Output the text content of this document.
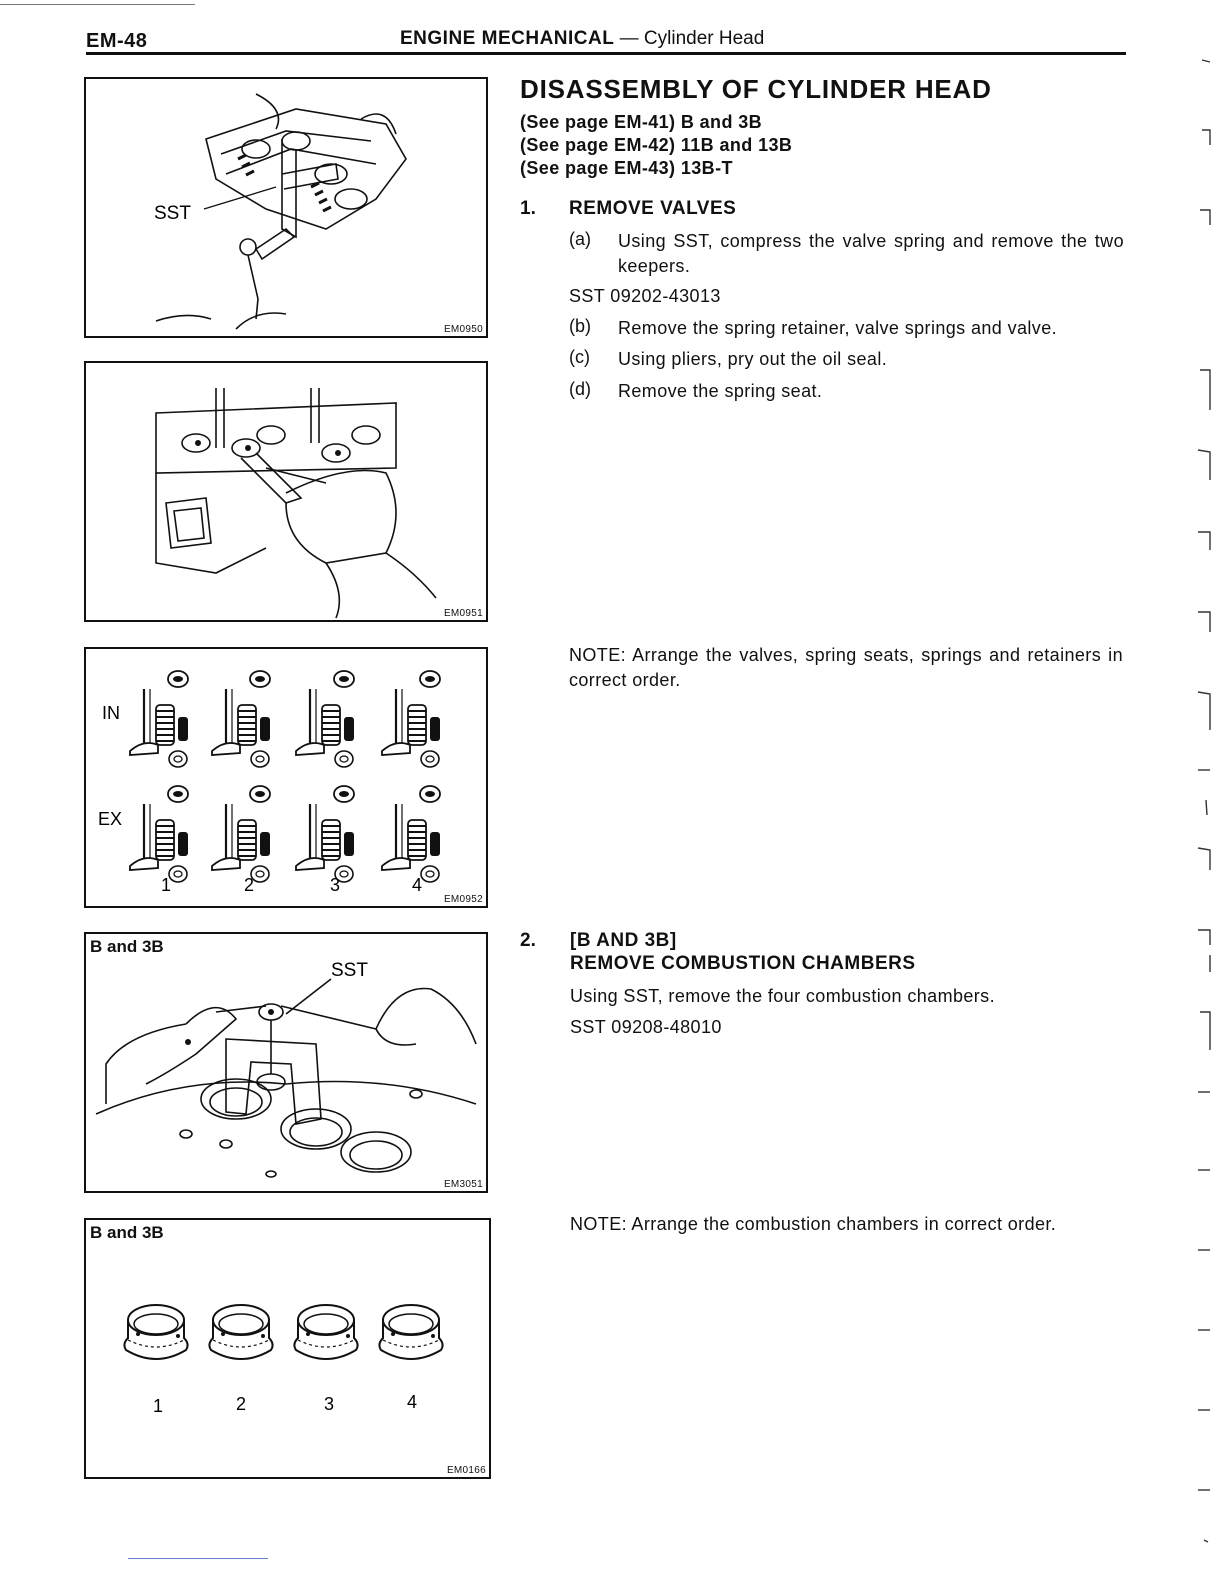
EM-48	ENGINE MECHANICAL — Cylinder Head
SST
EM0950
EM0951
IN
EX
1	2	3	4
EM0952
B and 3B
SST
EM3051
B and 3B
1	2	3	4
EM0166
DISASSEMBLY OF CYLINDER HEAD
(See page EM-41) B and 3B
(See page EM-42) 11B and 13B
(See page EM-43) 13B-T
1. REMOVE VALVES
(a) Using SST, compress the valve spring and remove the two keepers.
SST 09202-43013
(b) Remove the spring retainer, valve springs and valve.
(c) Using pliers, pry out the oil seal.
(d) Remove the spring seat.
NOTE: Arrange the valves, spring seats, springs and retainers in correct order.
2. [B AND 3B]
REMOVE COMBUSTION CHAMBERS
Using SST, remove the four combustion chambers.
SST 09208-48010
NOTE: Arrange the combustion chambers in correct order.
